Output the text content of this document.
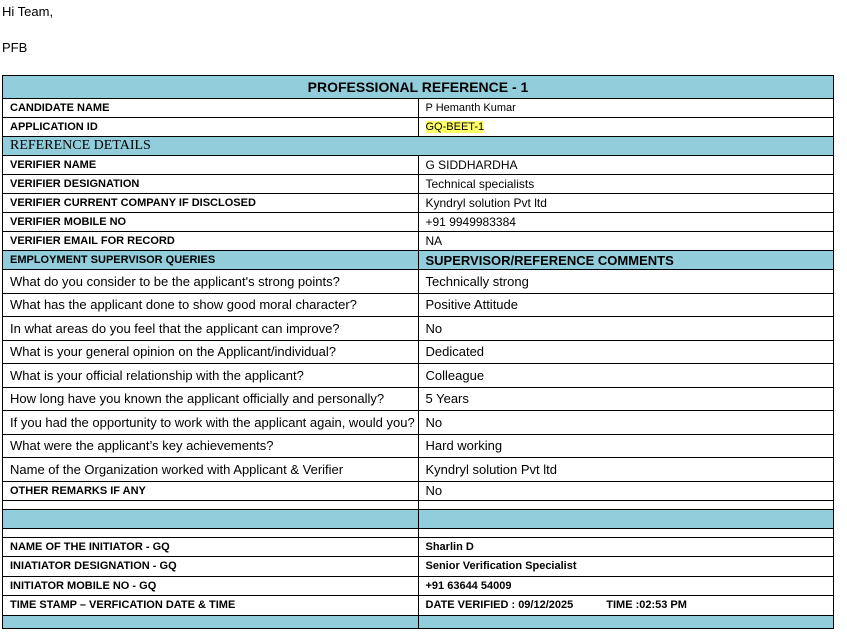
Hi Team,
PFB
PROFESSIONAL REFERENCE - 1	
CANDIDATE NAME	P Hemanth Kumar
APPLICATION ID	GQ-BEET-1
REFERENCE DETAILS	
VERIFIER NAME	G SIDDHARDHA
VERIFIER DESIGNATION	Technical specialists
VERIFIER CURRENT COMPANY IF DISCLOSED	Kyndryl solution Pvt ltd
VERIFIER MOBILE NO	+91 9949983384
VERIFIER EMAIL FOR RECORD	NA
EMPLOYMENT SUPERVISOR QUERIES	SUPERVISOR/REFERENCE COMMENTS
What do you consider to be the applicant's strong points?	Technically strong
What has the applicant done to show good moral character?	Positive Attitude
In what areas do you feel that the applicant can improve?	No
What is your general opinion on the Applicant/individual?	Dedicated
What is your official relationship with the applicant?	Colleague
How long have you known the applicant officially and personally?	5 Years
If you had the opportunity to work with the applicant again, would you?	No
What were the applicant’s key achievements?	Hard working
Name of the Organization worked with Applicant & Verifier	Kyndryl solution Pvt ltd
OTHER REMARKS IF ANY	No

NAME OF THE INITIATOR - GQ	Sharlin D
INIATIATOR DESIGNATION - GQ	Senior Verification Specialist
INITIATOR MOBILE NO - GQ	+91 63644 54009
TIME STAMP – VERFICATION DATE & TIME	DATE VERIFIED : 09/12/2025 TIME :02:53 PM
